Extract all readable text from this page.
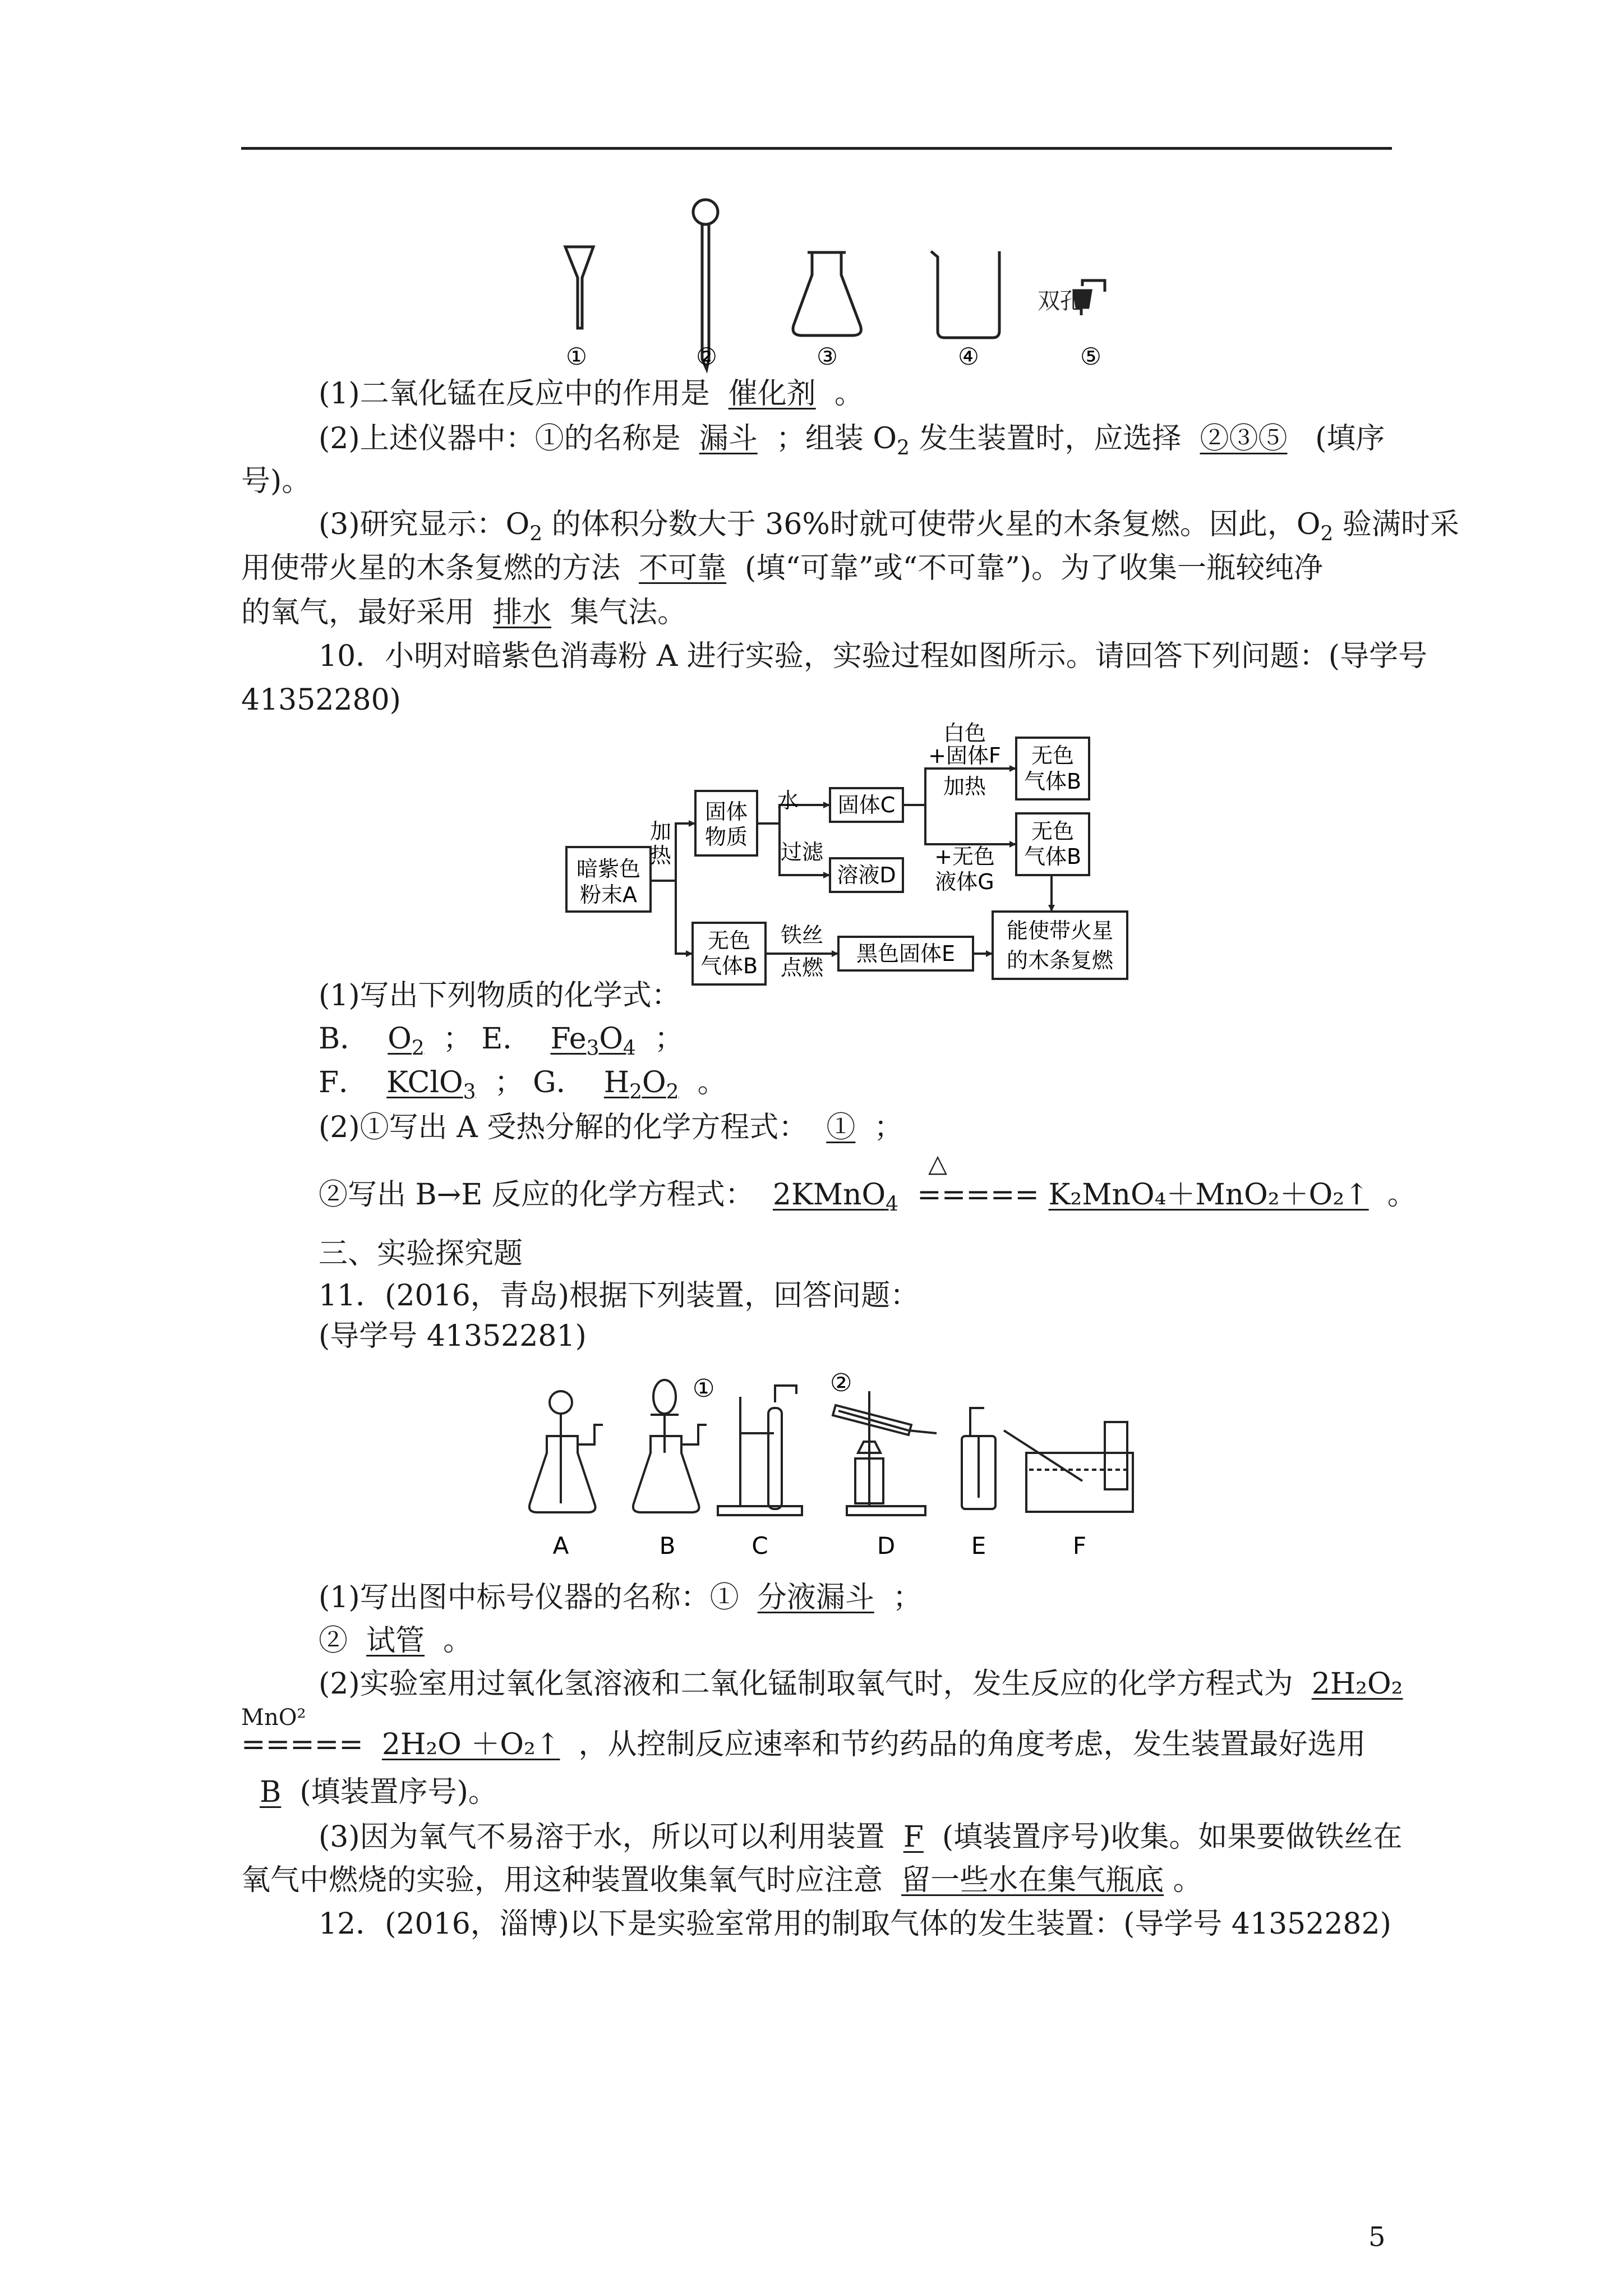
双孔
①	②	③	④	⑤
(1)二氧化锰在反应中的作用是 催化剂 。
(2)上述仪器中：①的名称是 漏斗 ；组装 $O_2$ 发生装置时，应选择 ②③⑤ (填序
号)。
(3)研究显示：$O_2$ 的体积分数大于 36%时就可使带火星的木条复燃。因此，$O_2$ 验满时采
用使带火星的木条复燃的方法 不可靠 (填“可靠”或“不可靠”)。为了收集一瓶较纯净
的氧气，最好采用 排水 集气法。
10．小明对暗紫色消毒粉 A 进行实验，实验过程如图所示。请回答下列问题：(导学号
41352280)
暗紫色
粉末A
加
热
固体
物质
水
过滤
固体C
溶液D
白色
+固体F
加热
无色
气体B
+无色
液体G
无色
气体B
无色
气体B
铁丝
点燃
黑色固体E
能使带火星
的木条复燃
(1)写出下列物质的化学式：
B． $O_2$ ； E． $Fe_3O_4$ ；
F． KClO$_3$ ； G． $H_2O_2$ 。
(2)①写出 A 受热分解的化学方程式： ① ；
②写出 B→E 反应的化学方程式： 2KMnO$_4$
△
===== K₂MnO₄＋MnO₂＋O₂↑ 。
三、实验探究题
11．(2016，青岛)根据下列装置，回答问题：
(导学号 41352281)
①	②
A	B	C	D	E	F
(1)写出图中标号仪器的名称：① 分液漏斗 ；
② 试管 。
(2)实验室用过氧化氢溶液和二氧化锰制取氧气时，发生反应的化学方程式为 2H₂O₂
MnO²
===== 2H₂O ＋O₂↑ ，从控制反应速率和节约药品的角度考虑，发生装置最好选用
B (填装置序号)。
(3)因为氧气不易溶于水，所以可以利用装置 F (填装置序号)收集。如果要做铁丝在
氧气中燃烧的实验，用这种装置收集氧气时应注意 留一些水在集气瓶底 。
12．(2016，淄博)以下是实验室常用的制取气体的发生装置：(导学号 41352282)
5
